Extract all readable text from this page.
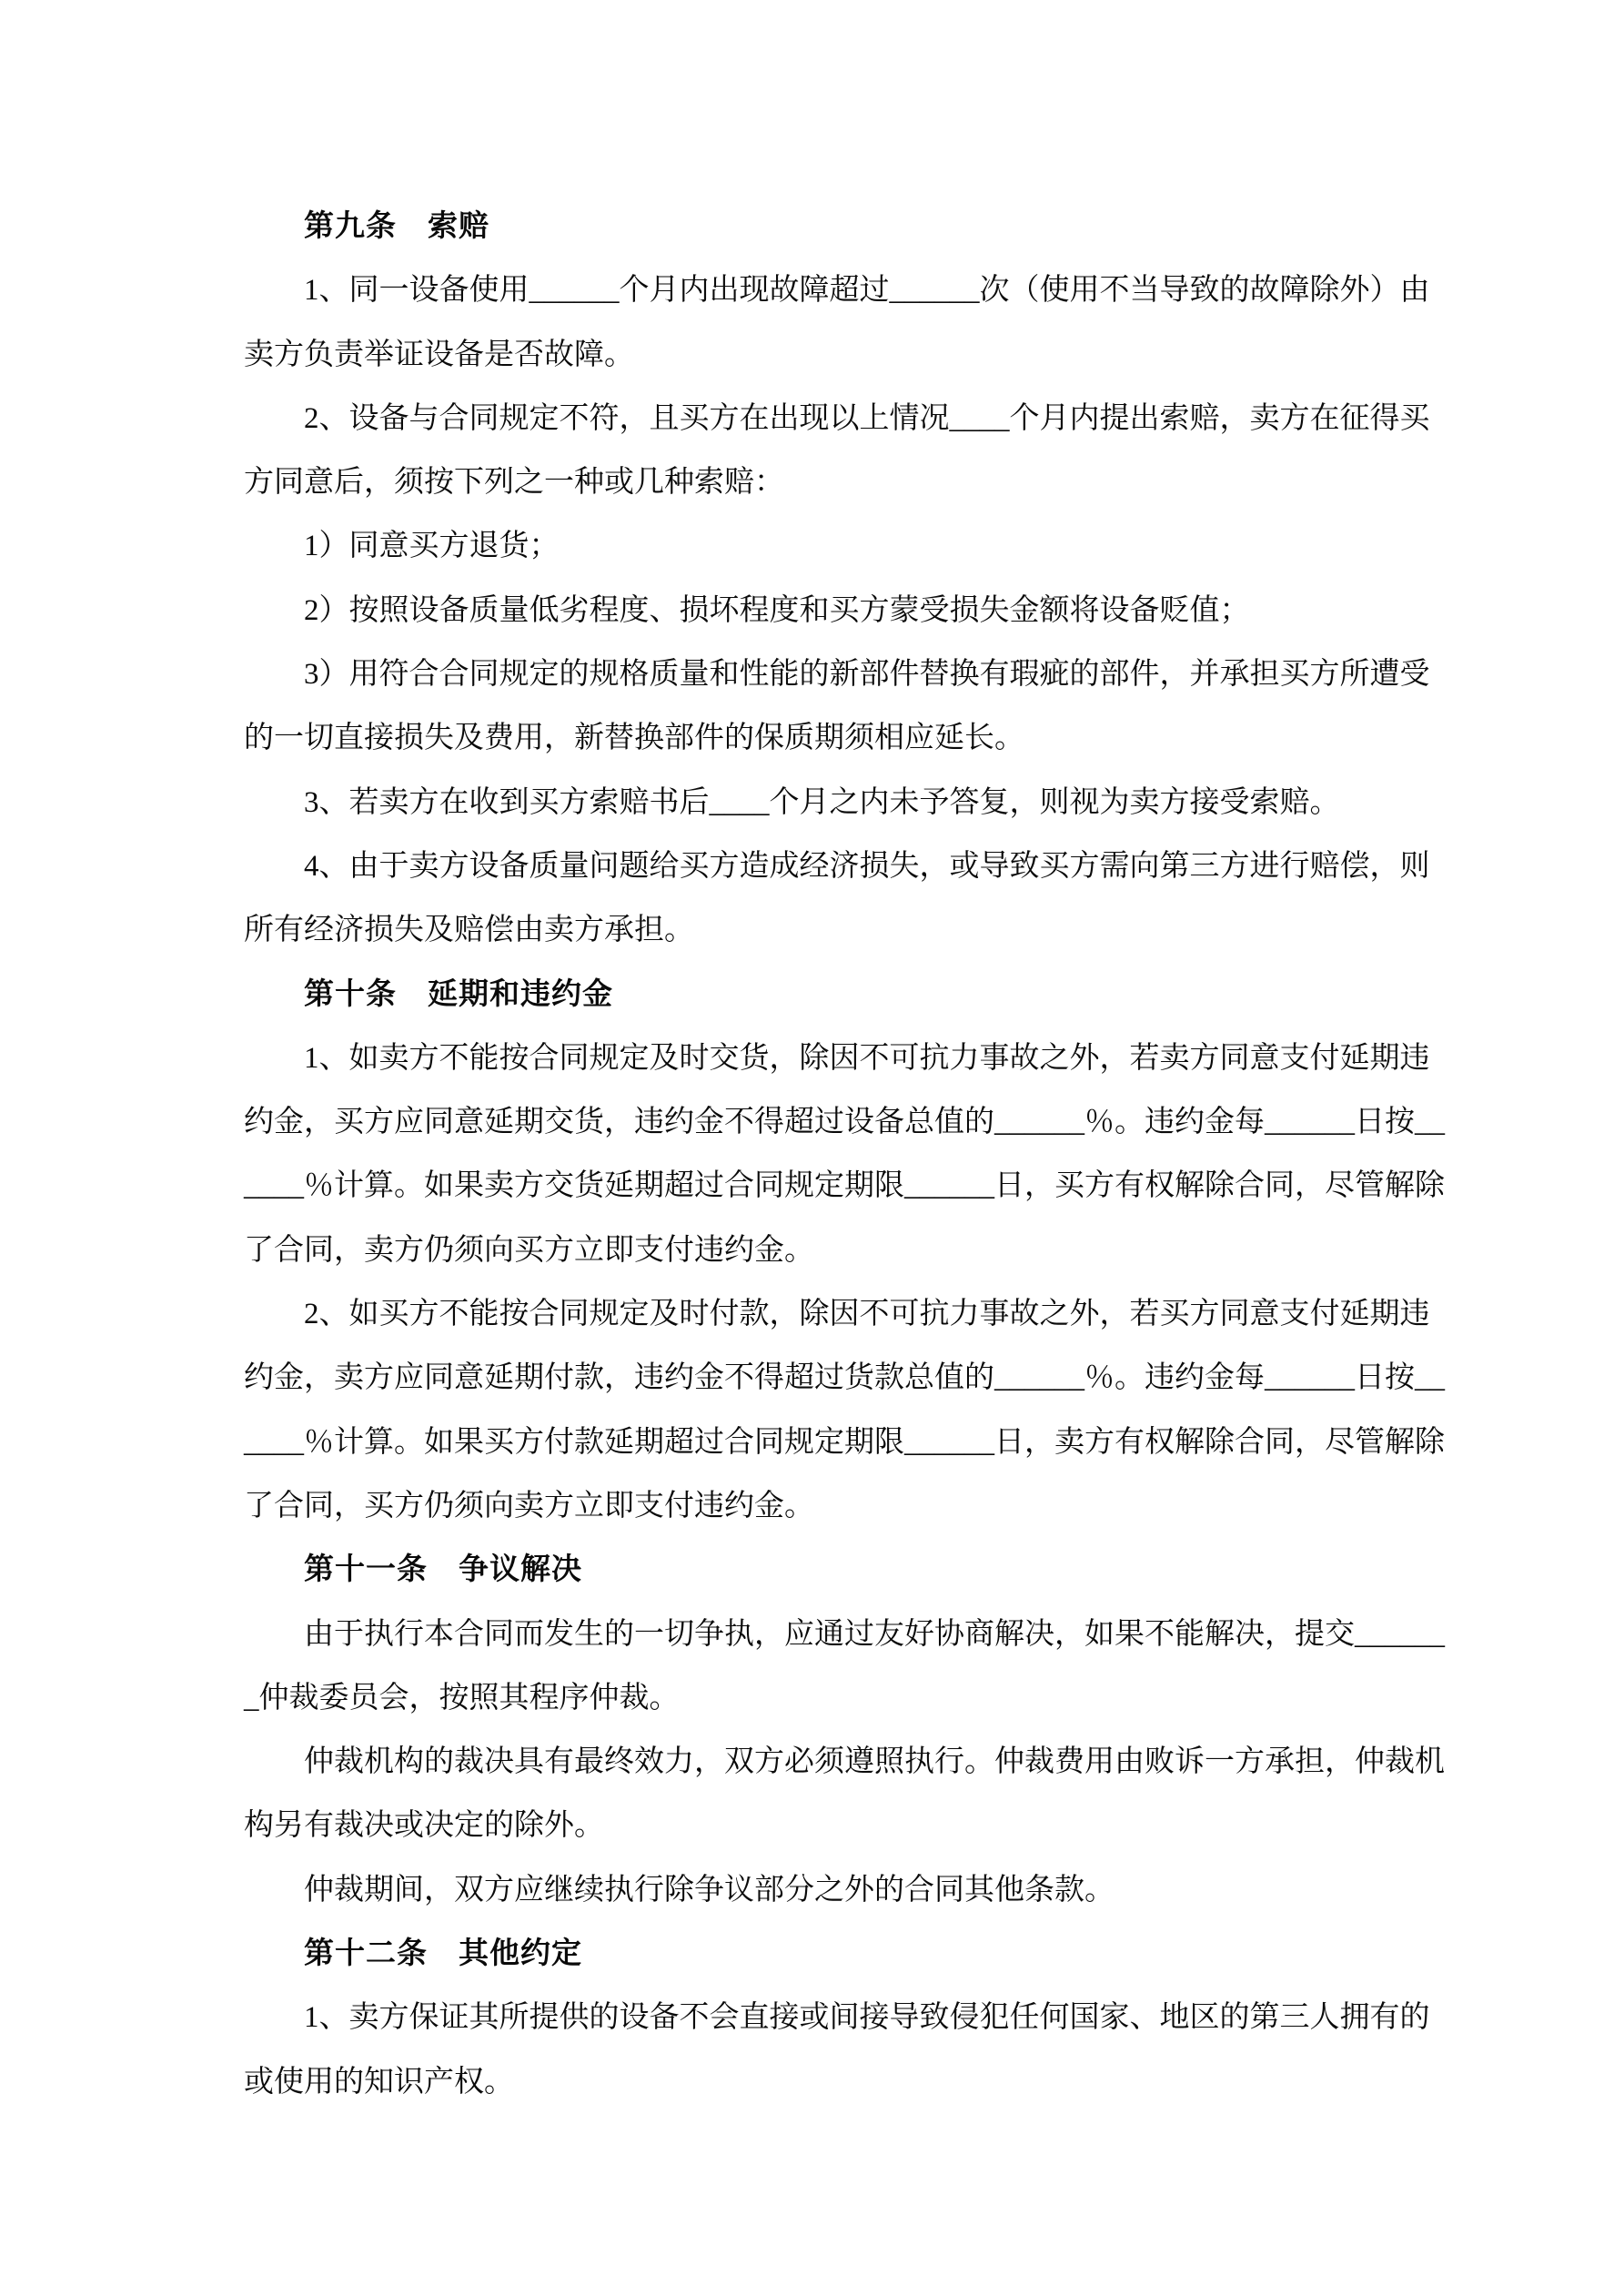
第九条　索赔
1、同一设备使用______个月内出现故障超过______次（使用不当导致的故障除外）由
卖方负责举证设备是否故障。
2、设备与合同规定不符，且买方在出现以上情况____个月内提出索赔，卖方在征得买
方同意后，须按下列之一种或几种索赔：
1）同意买方退货；
2）按照设备质量低劣程度、损坏程度和买方蒙受损失金额将设备贬值；
3）用符合合同规定的规格质量和性能的新部件替换有瑕疵的部件，并承担买方所遭受
的一切直接损失及费用，新替换部件的保质期须相应延长。
3、若卖方在收到买方索赔书后____个月之内未予答复，则视为卖方接受索赔。
4、由于卖方设备质量问题给买方造成经济损失，或导致买方需向第三方进行赔偿，则
所有经济损失及赔偿由卖方承担。
第十条　延期和违约金
1、如卖方不能按合同规定及时交货，除因不可抗力事故之外，若卖方同意支付延期违
约金，买方应同意延期交货，违约金不得超过设备总值的______％。违约金每______日按__
____％计算。如果卖方交货延期超过合同规定期限______日，买方有权解除合同，尽管解除
了合同，卖方仍须向买方立即支付违约金。
2、如买方不能按合同规定及时付款，除因不可抗力事故之外，若买方同意支付延期违
约金，卖方应同意延期付款，违约金不得超过货款总值的______％。违约金每______日按__
____％计算。如果买方付款延期超过合同规定期限______日，卖方有权解除合同，尽管解除
了合同，买方仍须向卖方立即支付违约金。
第十一条　争议解决
由于执行本合同而发生的一切争执，应通过友好协商解决，如果不能解决，提交______
_仲裁委员会，按照其程序仲裁。
仲裁机构的裁决具有最终效力，双方必须遵照执行。仲裁费用由败诉一方承担，仲裁机
构另有裁决或决定的除外。
仲裁期间，双方应继续执行除争议部分之外的合同其他条款。
第十二条　其他约定
1、卖方保证其所提供的设备不会直接或间接导致侵犯任何国家、地区的第三人拥有的
或使用的知识产权。
